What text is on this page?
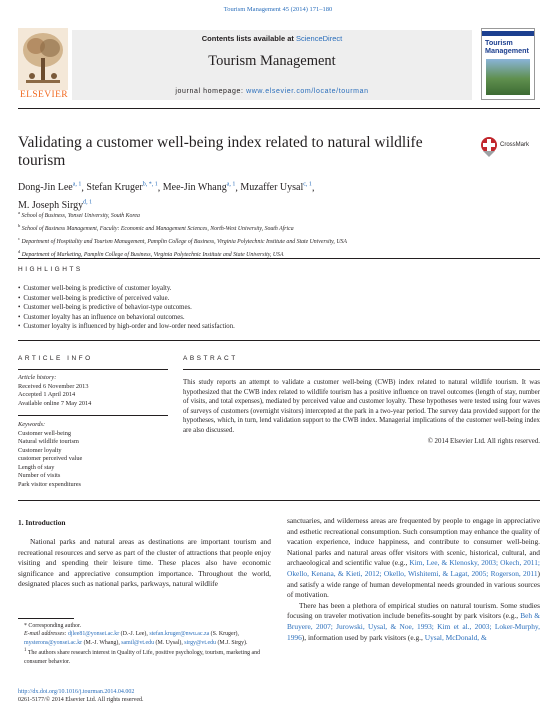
Tourism Management 45 (2014) 171–180
ELSEVIER
Contents lists available at ScienceDirect
Tourism Management
journal homepage: www.elsevier.com/locate/tourman
Tourism Management
Validating a customer well-being index related to natural wildlife tourism
CrossMark
Dong-Jin Lee$^{a, 1}$, Stefan Kruger$^{b, *, 1}$, Mee-Jin Whang$^{a, 1}$, Muzaffer Uysal$^{c, 1}$,
M. Joseph Sirgy$^{d, 1}$
$^a$ School of Business, Yonsei University, South Korea
$^b$ School of Business Management, Faculty: Economic and Management Sciences, North-West University, South Africa
$^c$ Department of Hospitality and Tourism Management, Pamplin College of Business, Virginia Polytechnic Institute and State University, USA
$^d$ Department of Marketing, Pamplin College of Business, Virginia Polytechnic Institute and State University, USA
HIGHLIGHTS
• Customer well-being is predictive of customer loyalty.
• Customer well-being is predictive of perceived value.
• Customer well-being is predictive of behavior-type outcomes.
• Customer loyalty has an influence on behavioral outcomes.
• Customer loyalty is influenced by high-order and low-order need satisfaction.
ARTICLE INFO
Article history:
Received 6 November 2013
Accepted 1 April 2014
Available online 7 May 2014
Keywords:
Customer well-being
Natural wildlife tourism
Customer loyalty
customer perceived value
Length of stay
Number of visits
Park visitor expenditures
ABSTRACT
This study reports an attempt to validate a customer well-being (CWB) index related to natural wildlife tourism. It was hypothesized that the CWB index related to wildlife tourism has a positive influence on travel outcomes (length of stay, number of visits, and total expenses), mediated by perceived value and customer loyalty. These hypotheses were tested using four waves of surveys of customers (overnight visitors) intercepted at the park in a two-year period. The survey data provided support for the hypotheses, which, in turn, lend validation support to the CWB index. Managerial implications of the customer well-being index are also discussed.
© 2014 Elsevier Ltd. All rights reserved.
1. Introduction
National parks and natural areas as destinations are important tourism and recreational resources and serve as part of the cluster of attractions that people enjoy visiting and spending their leisure time. These places also have economic significance and appreciative consumption importance. Throughout the world, designated places such as national parks, parkways, natural wildlife
* Corresponding author.
E-mail addresses: djlee81@yonsei.ac.kr (D.-J. Lee), stefan.kruger@nwu.ac.za (S. Kruger), mysterons@yonsei.ac.kr (M.-J. Whang), samil@vt.edu (M. Uysal), sirgy@vt.edu (M.J. Sirgy).
$^1$ The authors share research interest in Quality of Life, positive psychology, tourism, marketing and consumer behavior.
http://dx.doi.org/10.1016/j.tourman.2014.04.002
0261-5177/© 2014 Elsevier Ltd. All rights reserved.
sanctuaries, and wilderness areas are frequented by people to engage in appreciative and esthetic recreational consumption. Such consumption may enhance the quality of vacation experience, induce happiness, and contribute to consumer well-being. National parks and natural areas offer visitors with scenic, historical, cultural, and archaeological and scientific value (e.g., Kim, Lee, & Klenosky, 2003; Okech, 2011; Okello, Kenana, & Kieti, 2012; Okello, Wishitemi, & Lagat, 2005; Rogerson, 2011) and satisfy a wide range of human developmental needs grounded in various sources of motivation.
There has been a plethora of empirical studies on natural tourism. Some studies focusing on traveler motivation include benefits-sought by park visitors (e.g., Beh & Bruyere, 2007; Jurowski, Uysal, & Noe, 1993; Kim et al., 2003; Loker-Murphy, 1996), information used by park visitors (e.g., Uysal, McDonald, &
